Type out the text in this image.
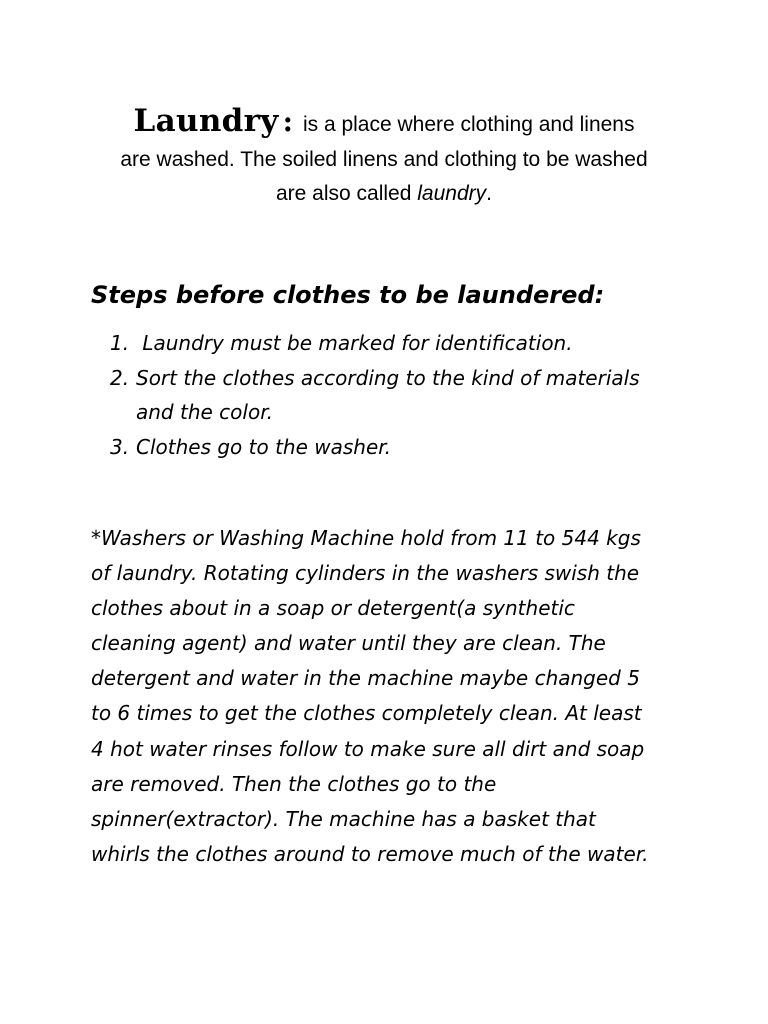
Laundry : is a place where clothing and linens
are washed. The soiled linens and clothing to be washed
are also called laundry.
Steps before clothes to be laundered:
1. Laundry must be marked for identification.
2. Sort the clothes according to the kind of materials
and the color.
3. Clothes go to the washer.
*Washers or Washing Machine hold from 11 to 544 kgs
of laundry. Rotating cylinders in the washers swish the
clothes about in a soap or detergent(a synthetic
cleaning agent) and water until they are clean. The
detergent and water in the machine maybe changed 5
to 6 times to get the clothes completely clean. At least
4 hot water rinses follow to make sure all dirt and soap
are removed. Then the clothes go to the
spinner(extractor). The machine has a basket that
whirls the clothes around to remove much of the water.
